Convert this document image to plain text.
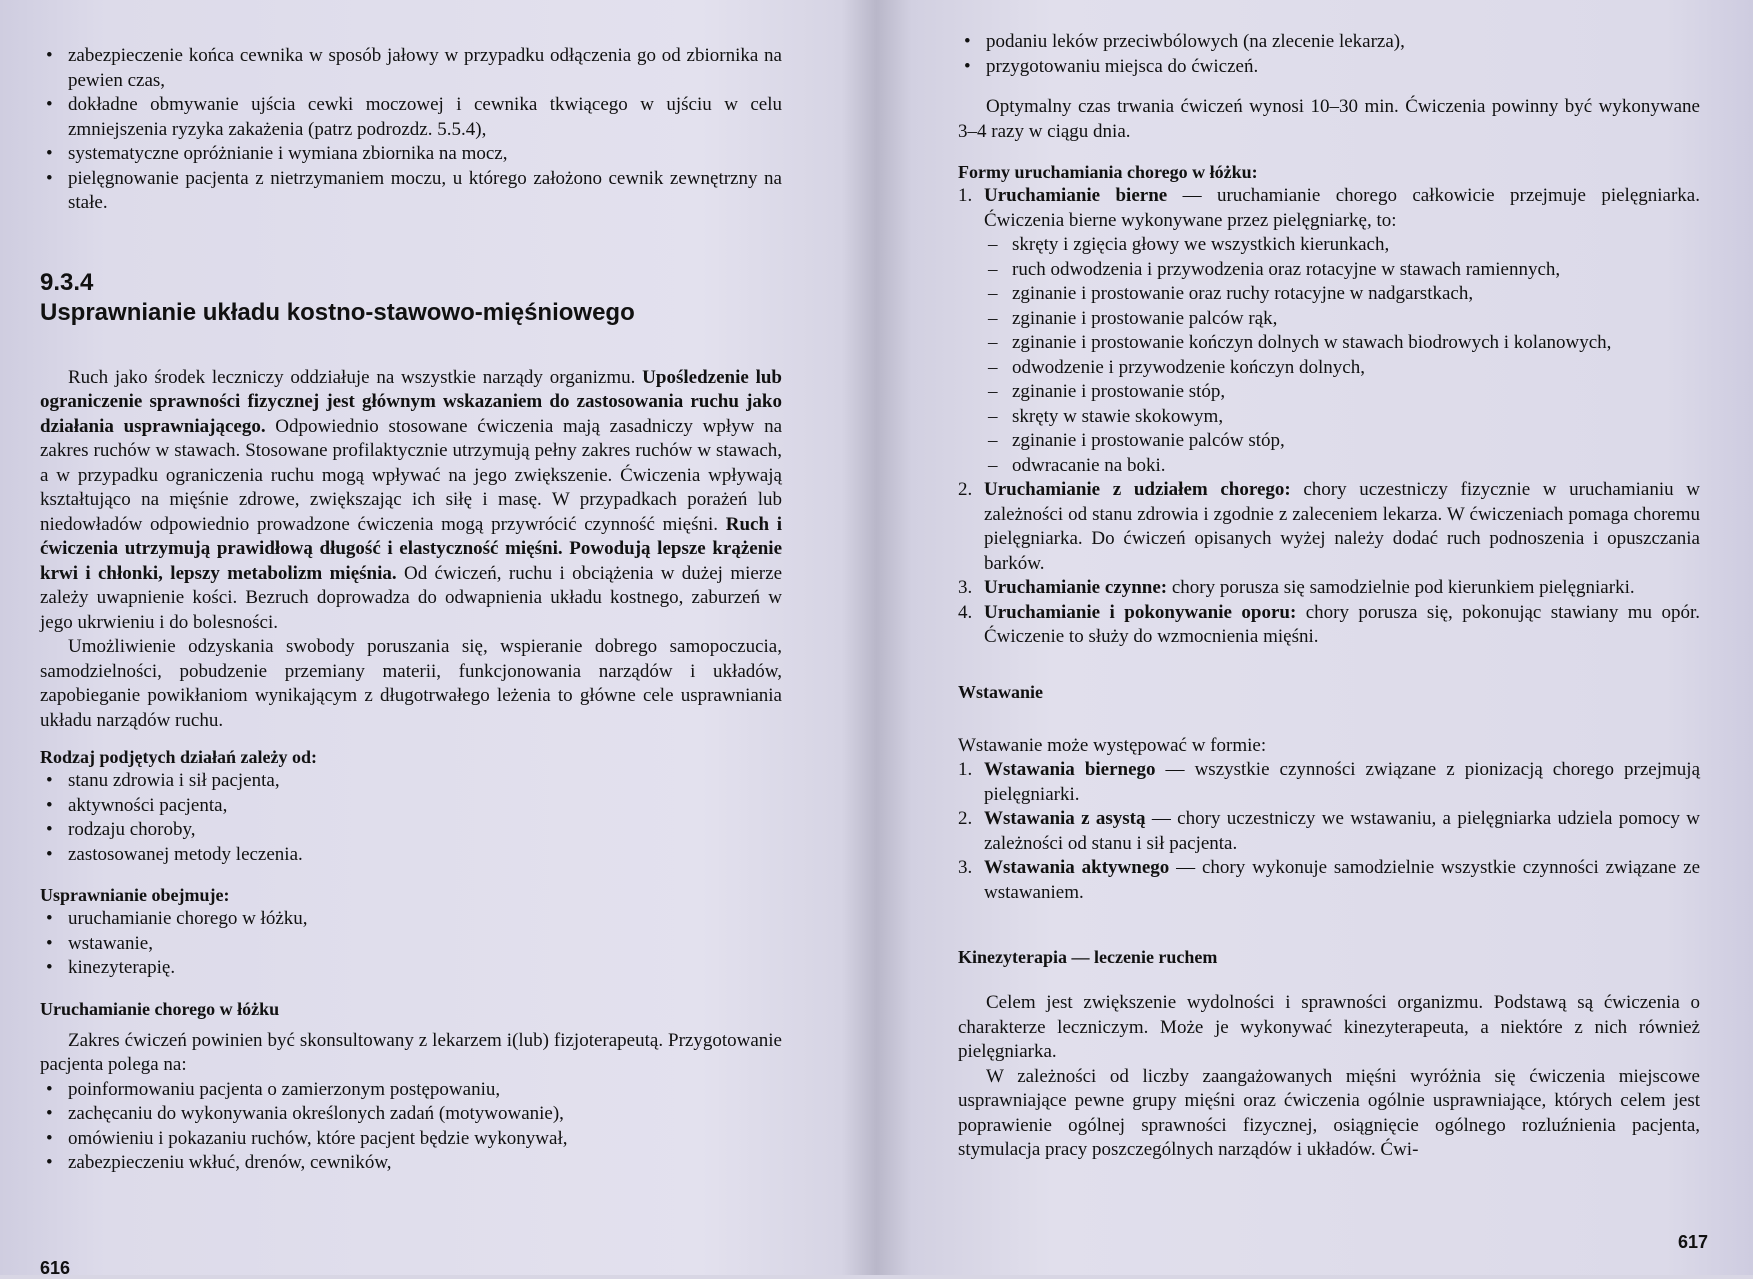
• zabezpieczenie końca cewnika w sposób jałowy w przypadku odłączenia go od zbiornika na pewien czas,
• dokładne obmywanie ujścia cewki moczowej i cewnika tkwiącego w ujściu w celu zmniejszenia ryzyka zakażenia (patrz podrozdz. 5.5.4),
• systematyczne opróżnianie i wymiana zbiornika na mocz,
• pielęgnowanie pacjenta z nietrzymaniem moczu, u którego założono cewnik zewnętrzny na stałe.
9.3.4
Usprawnianie układu kostno-stawowo-mięśniowego

Ruch jako środek leczniczy oddziałuje na wszystkie narządy organizmu. Upośledzenie lub ograniczenie sprawności fizycznej jest głównym wskazaniem do zastosowania ruchu jako działania usprawniającego. Odpowiednio stosowane ćwiczenia mają zasadniczy wpływ na zakres ruchów w stawach. Stosowane profilaktycznie utrzymują pełny zakres ruchów w stawach, a w przypadku ograniczenia ruchu mogą wpływać na jego zwiększenie. Ćwiczenia wpływają kształtująco na mięśnie zdrowe, zwiększając ich siłę i masę. W przypadkach porażeń lub niedowładów odpowiednio prowadzone ćwiczenia mogą przywrócić czynność mięśni. Ruch i ćwiczenia utrzymują prawidłową długość i elastyczność mięśni. Powodują lepsze krążenie krwi i chłonki, lepszy metabolizm mięśnia. Od ćwiczeń, ruchu i obciążenia w dużej mierze zależy uwapnienie kości. Bezruch doprowadza do odwapnienia układu kostnego, zaburzeń w jego ukrwieniu i do bolesności.

Umożliwienie odzyskania swobody poruszania się, wspieranie dobrego samopoczucia, samodzielności, pobudzenie przemiany materii, funkcjonowania narządów i układów, zapobieganie powikłaniom wynikającym z długotrwałego leżenia to główne cele usprawniania układu narządów ruchu.

Rodzaj podjętych działań zależy od:
• stanu zdrowia i sił pacjenta,
• aktywności pacjenta,
• rodzaju choroby,
• zastosowanej metody leczenia.
Usprawnianie obejmuje:
• uruchamianie chorego w łóżku,
• wstawanie,
• kinezyterapię.
Uruchamianie chorego w łóżku

Zakres ćwiczeń powinien być skonsultowany z lekarzem i(lub) fizjoterapeutą. Przygotowanie pacjenta polega na:

• poinformowaniu pacjenta o zamierzonym postępowaniu,
• zachęcaniu do wykonywania określonych zadań (motywowanie),
• omówieniu i pokazaniu ruchów, które pacjent będzie wykonywał,
• zabezpieczeniu wkłuć, drenów, cewników,
616
• podaniu leków przeciwbólowych (na zlecenie lekarza),
• przygotowaniu miejsca do ćwiczeń.

Optymalny czas trwania ćwiczeń wynosi 10–30 min. Ćwiczenia powinny być wykonywane 3–4 razy w ciągu dnia.

Formy uruchamiania chorego w łóżku:
1. Uruchamianie bierne — uruchamianie chorego całkowicie przejmuje pielęgniarka. Ćwiczenia bierne wykonywane przez pielęgniarkę, to:
– skręty i zgięcia głowy we wszystkich kierunkach,
– ruch odwodzenia i przywodzenia oraz rotacyjne w stawach ramiennych,
– zginanie i prostowanie oraz ruchy rotacyjne w nadgarstkach,
– zginanie i prostowanie palców rąk,
– zginanie i prostowanie kończyn dolnych w stawach biodrowych i kolanowych,
– odwodzenie i przywodzenie kończyn dolnych,
– zginanie i prostowanie stóp,
– skręty w stawie skokowym,
– zginanie i prostowanie palców stóp,
– odwracanie na boki.
2. Uruchamianie z udziałem chorego: chory uczestniczy fizycznie w uruchamianiu w zależności od stanu zdrowia i zgodnie z zaleceniem lekarza. W ćwiczeniach pomaga choremu pielęgniarka. Do ćwiczeń opisanych wyżej należy dodać ruch podnoszenia i opuszczania barków.
3. Uruchamianie czynne: chory porusza się samodzielnie pod kierunkiem pielęgniarki.
4. Uruchamianie i pokonywanie oporu: chory porusza się, pokonując stawiany mu opór. Ćwiczenie to służy do wzmocnienia mięśni.
Wstawanie

Wstawanie może występować w formie:

1. Wstawania biernego — wszystkie czynności związane z pionizacją chorego przejmują pielęgniarki.
2. Wstawania z asystą — chory uczestniczy we wstawaniu, a pielęgniarka udziela pomocy w zależności od stanu i sił pacjenta.
3. Wstawania aktywnego — chory wykonuje samodzielnie wszystkie czynności związane ze wstawaniem.
Kinezyterapia — leczenie ruchem

Celem jest zwiększenie wydolności i sprawności organizmu. Podstawą są ćwiczenia o charakterze leczniczym. Może je wykonywać kinezyterapeuta, a niektóre z nich również pielęgniarka.

W zależności od liczby zaangażowanych mięśni wyróżnia się ćwiczenia miejscowe usprawniające pewne grupy mięśni oraz ćwiczenia ogólnie usprawniające, których celem jest poprawienie ogólnej sprawności fizycznej, osiągnięcie ogólnego rozluźnienia pacjenta, stymulacja pracy poszczególnych narządów i układów. Ćwi-

617
